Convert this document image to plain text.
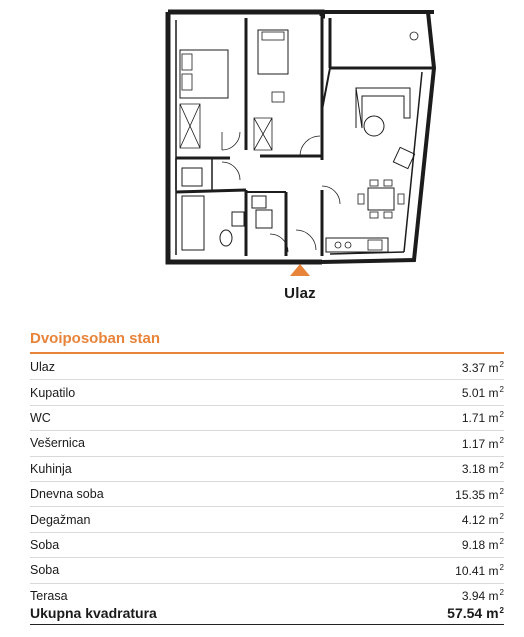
Ulaz
Dvoiposoban stan
Ulaz	3.37 $m^2$
Kupatilo	5.01 $m^2$
WC	1.71 $m^2$
Vešernica	1.17 $m^2$
Kuhinja	3.18 $m^2$
Dnevna soba	15.35 $m^2$
Degažman	4.12 $m^2$
Soba	9.18 $m^2$
Soba	10.41 $m^2$
Terasa	3.94 $m^2$
Ukupna kvadratura	57.54 $m^2$
